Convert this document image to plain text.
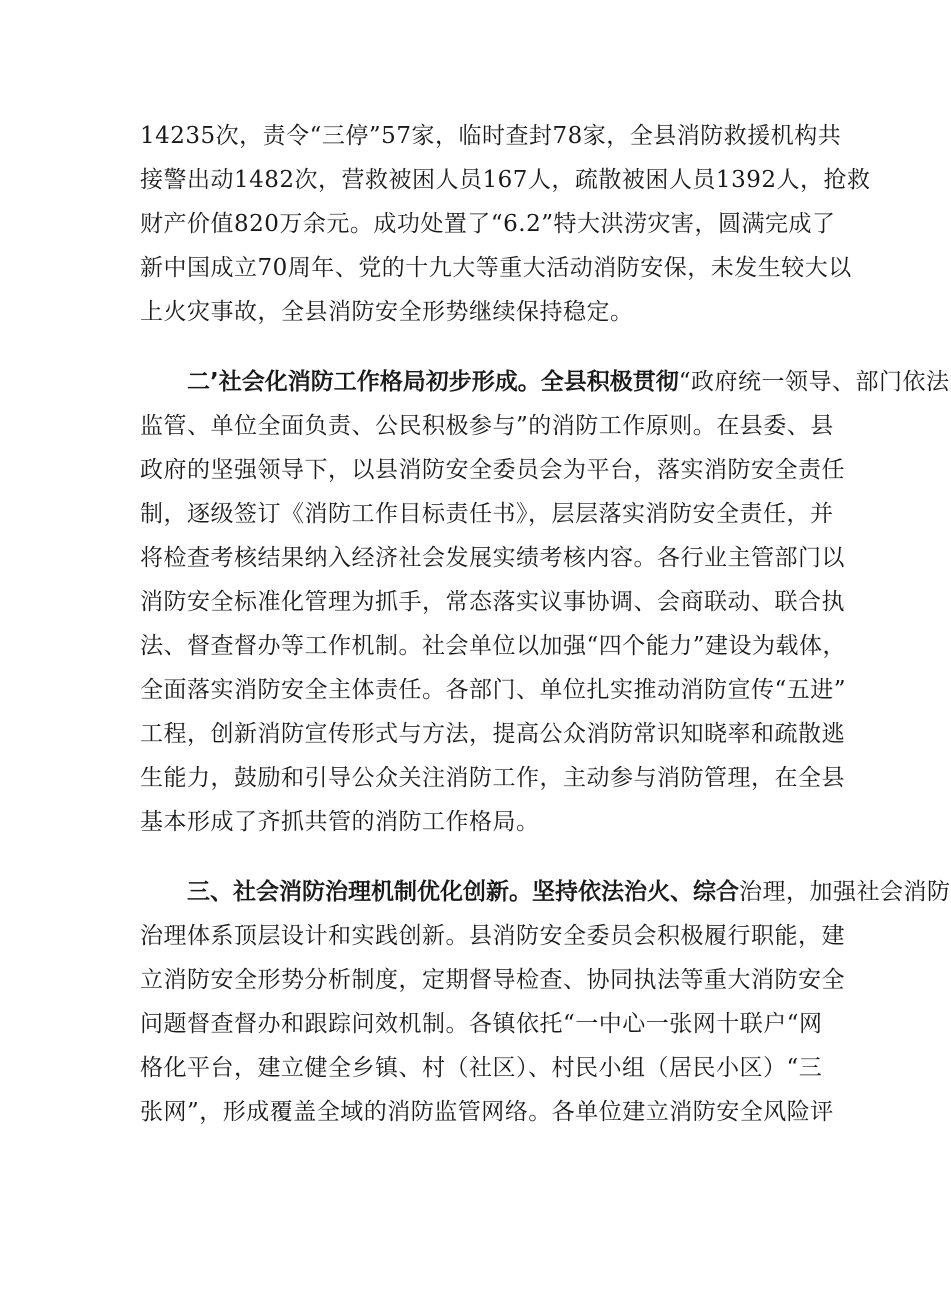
14235次，责令“三停”57家，临时查封78家，全县消防救援机构共
接警出动1482次，营救被困人员167人，疏散被困人员1392人，抢救
财产价值820万余元。成功处置了“6.2”特大洪涝灾害，圆满完成了
新中国成立70周年、党的十九大等重大活动消防安保，未发生较大以
上火灾事故，全县消防安全形势继续保持稳定。
二’社会化消防工作格局初步形成。全县积极贯彻“政府统一领导、部门依法
监管、单位全面负责、公民积极参与”的消防工作原则。在县委、县
政府的坚强领导下，以县消防安全委员会为平台，落实消防安全责任
制，逐级签订《消防工作目标责任书》，层层落实消防安全责任，并
将检查考核结果纳入经济社会发展实绩考核内容。各行业主管部门以
消防安全标准化管理为抓手，常态落实议事协调、会商联动、联合执
法、督查督办等工作机制。社会单位以加强“四个能力”建设为载体，
全面落实消防安全主体责任。各部门、单位扎实推动消防宣传“五进”
工程，创新消防宣传形式与方法，提高公众消防常识知晓率和疏散逃
生能力，鼓励和引导公众关注消防工作，主动参与消防管理，在全县
基本形成了齐抓共管的消防工作格局。
三、社会消防治理机制优化创新。坚持依法治火、综合治理，加强社会消防
治理体系顶层设计和实践创新。县消防安全委员会积极履行职能，建
立消防安全形势分析制度，定期督导检查、协同执法等重大消防安全
问题督查督办和跟踪问效机制。各镇依托“一中心一张网十联户“网
格化平台，建立健全乡镇、村（社区）、村民小组（居民小区）“三
张网”，形成覆盖全域的消防监管网络。各单位建立消防安全风险评
